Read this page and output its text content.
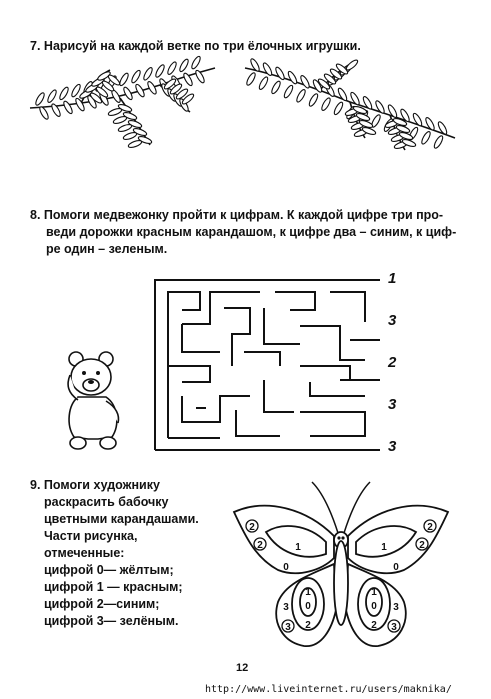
7. Нарисуй на каждой ветке по три ёлочных игрушки.
8. Помоги медвежонку пройти к цифрам. К каждой цифре три про-
веди дорожки красным карандашом, к цифре два – синим, к циф-
ре один – зеленым.
1
3
2
3
3
9. Помоги художнику
раскрасить бабочку
цветными карандашами.
Части рисунка,
отмеченные:
цифрой 0— жёлтым;
цифрой 1 — красным;
цифрой 2—синим;
цифрой 3— зелёным.
1	1
2	2
2	2
0	0
1	1
0	0
2	2
3	3
3	3
12
http://www.liveinternet.ru/users/maknika/
